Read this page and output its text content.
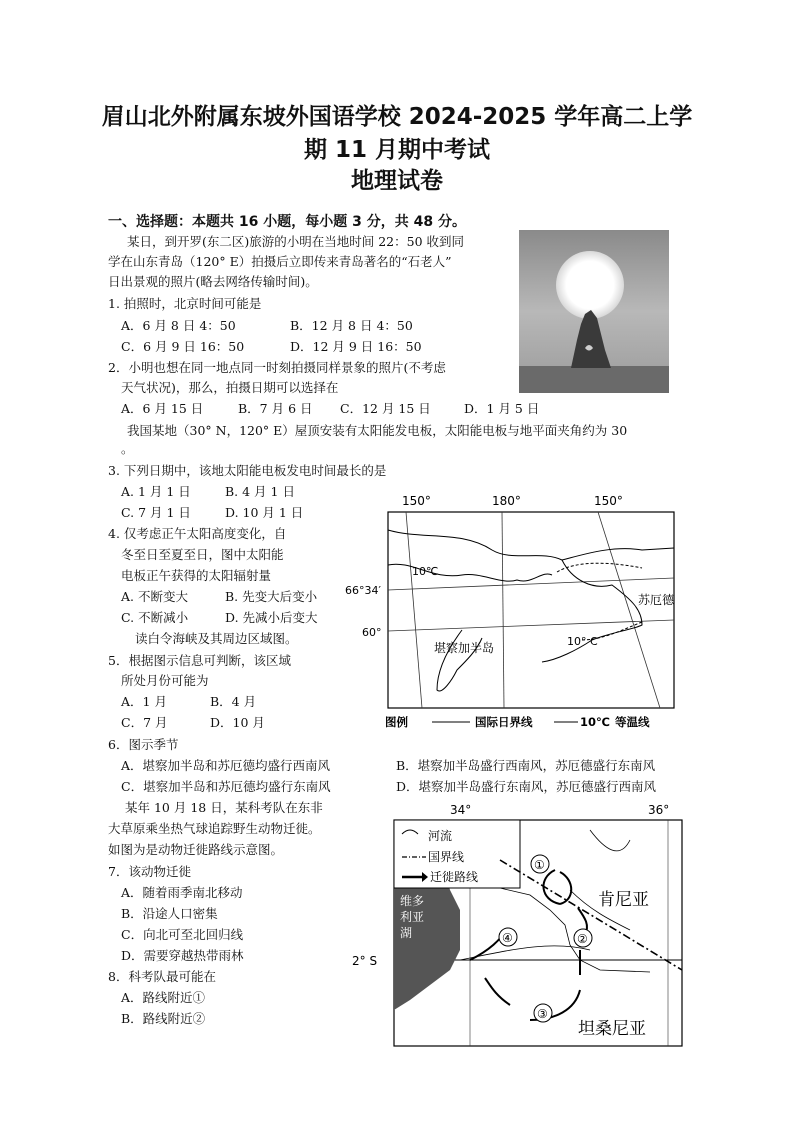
眉山北外附属东坡外国语学校 2024-2025 学年高二上学
期 11 月期中考试
地理试卷
一、选择题：本题共 16 小题，每小题 3 分，共 48 分。
某日，到开罗(东二区)旅游的小明在当地时间 22：50 收到同
学在山东青岛（120° E）拍摄后立即传来青岛著名的“石老人”
日出景观的照片(略去网络传输时间)。
1. 拍照时，北京时间可能是
A．6 月 8 日 4：50	B．12 月 8 日 4：50
C．6 月 9 日 16：50	D．12 月 9 日 16：50
2．小明也想在同一地点同一时刻拍摄同样景象的照片(不考虑
天气状况)，那么，拍摄日期可以选择在
A．6 月 15 日	B．7 月 6 日 C．12 月 15 日	D．1 月 5 日
我国某地（30° N，120° E）屋顶安装有太阳能发电板，太阳能电板与地平面夹角约为 30
。
3. 下列日期中，该地太阳能电板发电时间最长的是
A. 1 月 1 日	B. 4 月 1 日
C. 7 月 1 日	D. 10 月 1 日
4. 仅考虑正午太阳高度变化，自
冬至日至夏至日，图中太阳能
电板正午获得的太阳辐射量
A. 不断变大	B. 先变大后变小
C. 不断减小	D. 先减小后变大
读白令海峡及其周边区域图。
5．根据图示信息可判断，该区域
所处月份可能为
A．1 月	B．4 月
C．7 月	D．10 月
6．图示季节
A．堪察加半岛和苏厄德均盛行西南风	B．堪察加半岛盛行西南风，苏厄德盛行东南风
C．堪察加半岛和苏厄德均盛行东南风	D．堪察加半岛盛行东南风，苏厄德盛行西南风
某年 10 月 18 日，某科考队在东非
大草原乘坐热气球追踪野生动物迁徙。
如图为是动物迁徙路线示意图。
7．该动物迁徙
A．随着雨季南北移动
B．沿途人口密集
C．向北可至北回归线
D．需要穿越热带雨林
8．科考队最可能在
A．路线附近①
B．路线附近②
150°	180°	150°
66°34′
60°
10℃
10° C
苏厄德
堪察加半岛
图例	国际日界线	10℃ 等温线
34°	36°
2° S
维多
利亚
湖
河流
国界线
迁徙路线
①
②
③
④
肯尼亚
坦桑尼亚
